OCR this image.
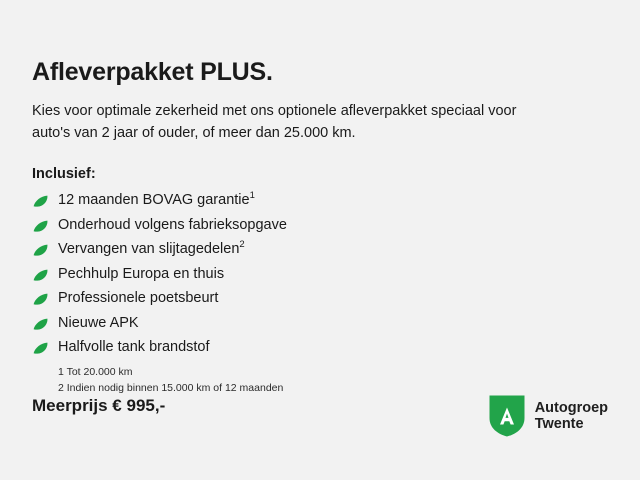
Afleverpakket PLUS.

Kies voor optimale zekerheid met ons optionele afleverpakket speciaal voor auto's van 2 jaar of ouder, of meer dan 25.000 km.

Inclusief:
12 maanden BOVAG garantie$^1$
Onderhoud volgens fabrieksopgave
Vervangen van slijtagedelen$^2$
Pechhulp Europa en thuis
Professionele poetsbeurt
Nieuwe APK
Halfvolle tank brandstof
1 Tot 20.000 km
2 Indien nodig binnen 15.000 km of 12 maanden
Meerprijs € 995,-	Autogroep
Twente
